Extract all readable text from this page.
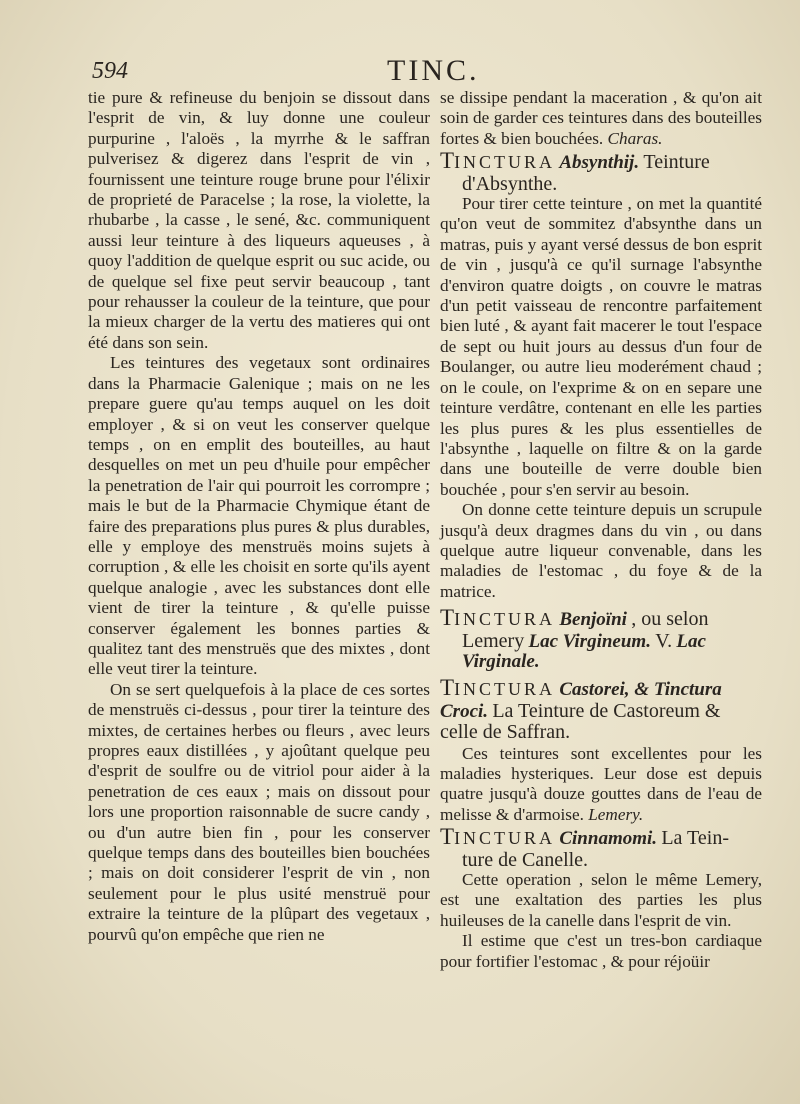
594	TINC.

tie pure & refineuse du benjoin se dissout dans l'esprit de vin, & luy donne une couleur purpurine , l'aloës , la myrrhe & le saffran pulverisez & digerez dans l'esprit de vin , fournissent une teinture rouge brune pour l'élixir de proprieté de Paracelse ; la rose, la violette, la rhubarbe , la casse , le sené, &c. communiquent aussi leur teinture à des liqueurs aqueuses , à quoy l'addition de quelque esprit ou suc acide, ou de quelque sel fixe peut servir beaucoup , tant pour rehausser la couleur de la teinture, que pour la mieux charger de la vertu des matieres qui ont été dans son sein.

Les teintures des vegetaux sont ordinaires dans la Pharmacie Galenique ; mais on ne les prepare guere qu'au temps auquel on les doit employer , & si on veut les conserver quelque temps , on en emplit des bouteilles, au haut desquelles on met un peu d'huile pour empêcher la penetration de l'air qui pourroit les corrompre ; mais le but de la Pharmacie Chymique étant de faire des preparations plus pures & plus durables, elle y employe des menstruës moins sujets à corruption , & elle les choisit en sorte qu'ils ayent quelque analogie , avec les substances dont elle vient de tirer la teinture , & qu'elle puisse conserver également les bonnes parties & qualitez tant des menstruës que des mixtes , dont elle veut tirer la teinture.

On se sert quelquefois à la place de ces sortes de menstruës ci-dessus , pour tirer la teinture des mixtes, de certaines herbes ou fleurs , avec leurs propres eaux distillées , y ajoûtant quelque peu d'esprit de soulfre ou de vitriol pour aider à la penetration de ces eaux ; mais on dissout pour lors une proportion raisonnable de sucre candy , ou d'un autre bien fin , pour les conserver quelque temps dans des bouteilles bien bouchées ; mais on doit considerer l'esprit de vin , non seulement pour le plus usité menstruë pour extraire la teinture de la plûpart des vegetaux , pourvû qu'on empêche que rien ne

se dissipe pendant la maceration , & qu'on ait soin de garder ces teintures dans des bouteilles fortes & bien bouchées. Charas.

TINCTURA Absynthij. Teinture
d'Absynthe.

Pour tirer cette teinture , on met la quantité qu'on veut de sommitez d'absynthe dans un matras, puis y ayant versé dessus de bon esprit de vin , jusqu'à ce qu'il surnage l'absynthe d'environ quatre doigts , on couvre le matras d'un petit vaisseau de rencontre parfaitement bien luté , & ayant fait macerer le tout l'espace de sept ou huit jours au dessus d'un four de Boulanger, ou autre lieu moderément chaud ; on le coule, on l'exprime & on en separe une teinture verdâtre, contenant en elle les parties les plus pures & les plus essentielles de l'absynthe , laquelle on filtre & on la garde dans une bouteille de verre double bien bouchée , pour s'en servir au besoin.

On donne cette teinture depuis un scrupule jusqu'à deux dragmes dans du vin , ou dans quelque autre liqueur convenable, dans les maladies de l'estomac , du foye & de la matrice.

TINCTURA Benjoïni , ou selon
Lemery Lac Virgineum. V. Lac Virginale.
TINCTURA Castorei, & Tinctura Croci. La Teinture de Castoreum & celle de Saffran.

Ces teintures sont excellentes pour les maladies hysteriques. Leur dose est depuis quatre jusqu'à douze gouttes dans de l'eau de melisse & d'armoise. Lemery.

TINCTURA Cinnamomi. La Tein-
ture de Canelle.

Cette operation , selon le même Lemery, est une exaltation des parties les plus huileuses de la canelle dans l'esprit de vin.

Il estime que c'est un tres-bon cardiaque pour fortifier l'estomac , & pour réjoüir
